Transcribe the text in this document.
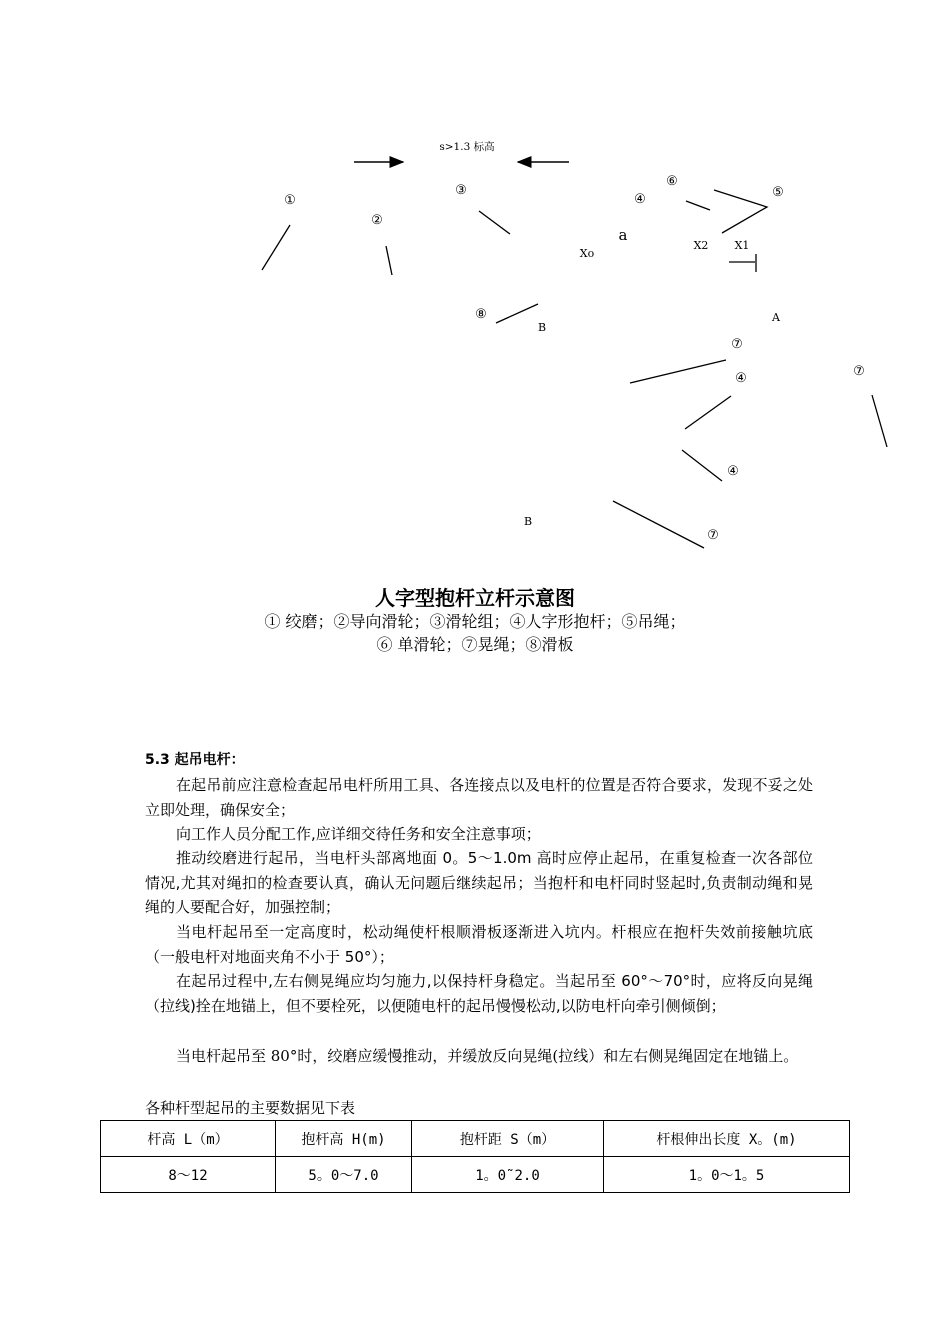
s>1.3 标高
①
②
③
④
⑥
⑤
⑧
⑦
④	⑦
④
⑦
a
Xo
X2 X1
A
B
B
人字型抱杆立杆示意图
① 绞磨；②导向滑轮；③滑轮组；④人字形抱杆；⑤吊绳；
⑥ 单滑轮；⑦晃绳；⑧滑板
5.3 起吊电杆：
在起吊前应注意检查起吊电杆所用工具、各连接点以及电杆的位置是否符合要求，发现不妥之处立即处理，确保安全；
向工作人员分配工作,应详细交待任务和安全注意事项；
推动绞磨进行起吊，当电杆头部离地面 0。5～1.0m 高时应停止起吊，在重复检查一次各部位情况,尤其对绳扣的检查要认真，确认无问题后继续起吊；当抱杆和电杆同时竖起时,负责制动绳和晃绳的人要配合好，加强控制；
当电杆起吊至一定高度时，松动绳使杆根顺滑板逐渐进入坑内。杆根应在抱杆失效前接触坑底（一般电杆对地面夹角不小于 50°）；
在起吊过程中,左右侧晃绳应均匀施力,以保持杆身稳定。当起吊至 60°～70°时，应将反向晃绳（拉线)拴在地锚上，但不要栓死，以便随电杆的起吊慢慢松动,以防电杆向牵引侧倾倒；
当电杆起吊至 80°时，绞磨应缓慢推动，并缓放反向晃绳(拉线）和左右侧晃绳固定在地锚上。
各种杆型起吊的主要数据见下表
杆高 L（m）	抱杆高 H(m)	抱杆距 S（m）	杆根伸出长度 X。(m)
8～12	5。0～7.0	1。0˜2.0	1。0～1。5
